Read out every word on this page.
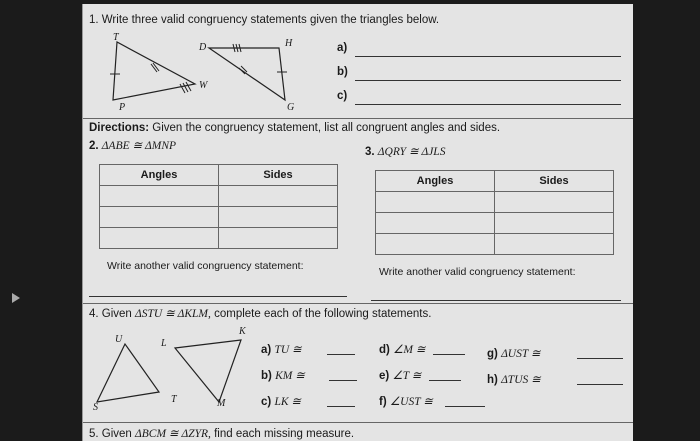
1. Write three valid congruency statements given the triangles below.
T
D	H
W
P	G
a)
b)
c)
Directions: Given the congruency statement, list all congruent angles and sides.
2. ΔABE ≅ ΔMNP
Angles	Sides

Write another valid congruency statement:
3. ΔQRY ≅ ΔJLS
Angles	Sides

Write another valid congruency statement:
4. Given ΔSTU ≅ ΔKLM, complete each of the following statements.
U	L
K
T	M
S
a) TU ≅
b) KM ≅
c) LK ≅
d) ∠M ≅
e) ∠T ≅
f) ∠UST ≅
g) ΔUST ≅
h) ΔTUS ≅
5. Given ΔBCM ≅ ΔZYR, find each missing measure.
